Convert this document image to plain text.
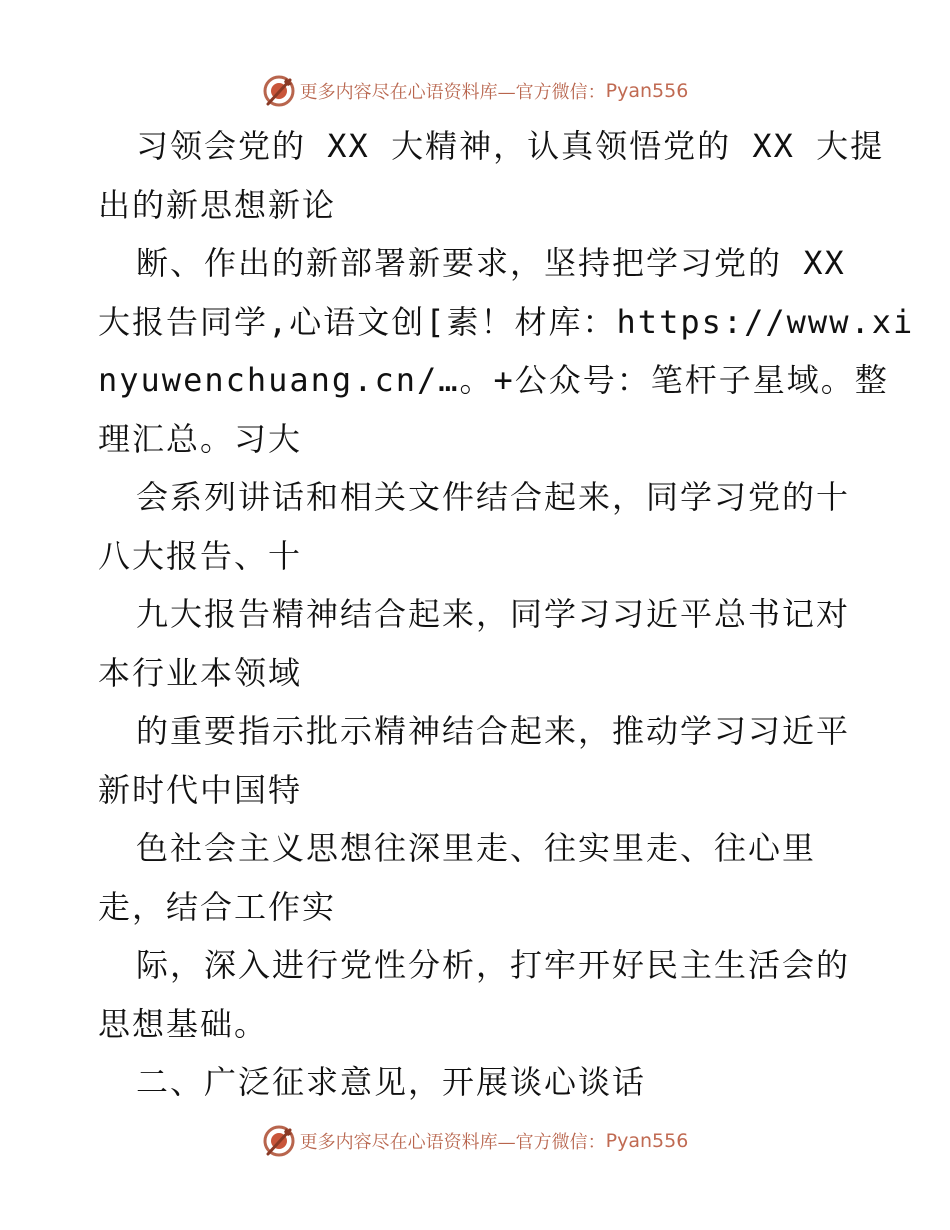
更多内容尽在心语资料库—官方微信： Pyan556
习领会党的 XX 大精神，认真领悟党的 XX 大提
出的新思想新论
断、作出的新部署新要求，坚持把学习党的 XX
大报告同学,心语文创[素！材库：https://www.xi
nyuwenchuang.cn/…。+公众号：笔杆子星域。整
理汇总。习大
会系列讲话和相关文件结合起来，同学习党的十
八大报告、十
九大报告精神结合起来，同学习习近平总书记对
本行业本领域
的重要指示批示精神结合起来，推动学习习近平
新时代中国特
色社会主义思想往深里走、往实里走、往心里
走，结合工作实
际，深入进行党性分析，打牢开好民主生活会的
思想基础。
二、广泛征求意见，开展谈心谈话
更多内容尽在心语资料库—官方微信： Pyan556
